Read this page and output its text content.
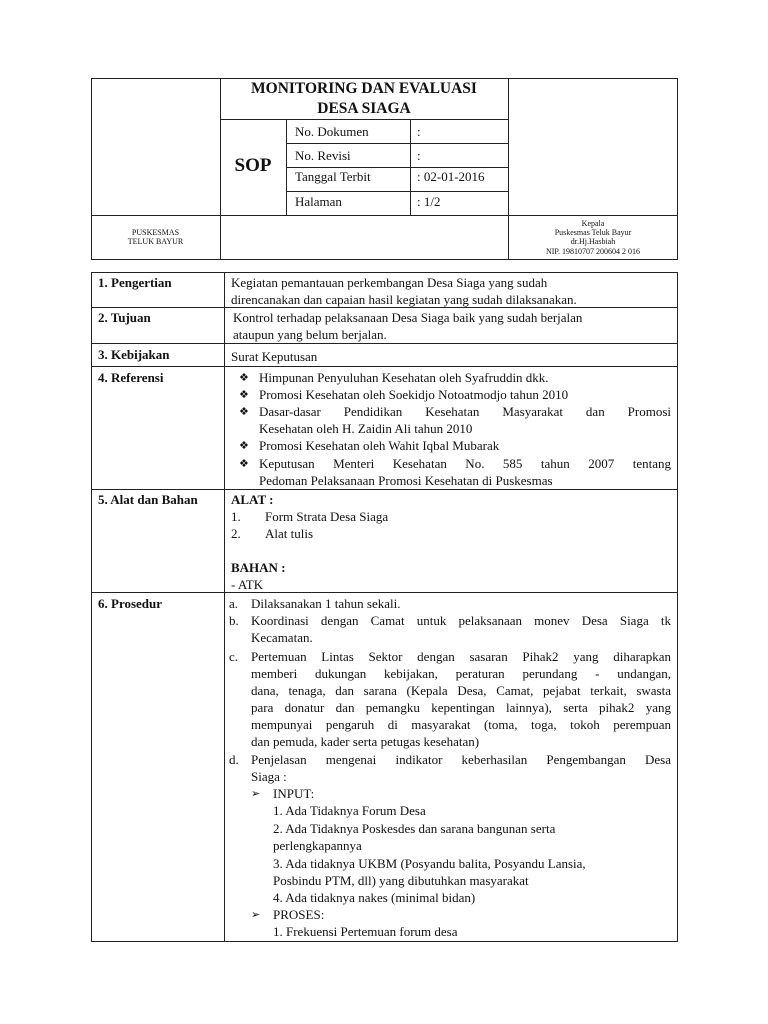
MONITORING DAN EVALUASI
DESA SIAGA
SOP
No. Dokumen	:
No. Revisi	:
Tanggal Terbit	: 02-01-2016
Halaman	: 1/2
PUSKESMAS
TELUK BAYUR
Kepala
Puskesmas Teluk Bayur
dr.Hj.Hasbiah
NIP. 19810707 200604 2 016
1. Pengertian	Kegiatan pemantauan perkembangan Desa Siaga yang sudah
direncanakan dan capaian hasil kegiatan yang sudah dilaksanakan.
2. Tujuan	Kontrol terhadap pelaksanaan Desa Siaga baik yang sudah berjalan
ataupun yang belum berjalan.
3. Kebijakan	Surat Keputusan
4. Referensi	❖ Himpunan Penyuluhan Kesehatan oleh Syafruddin dkk.
❖ Promosi Kesehatan oleh Soekidjo Notoatmodjo tahun 2010
❖ Dasar-dasar Pendidikan Kesehatan Masyarakat dan Promosi
Kesehatan oleh H. Zaidin Ali tahun 2010
❖ Promosi Kesehatan oleh Wahit Iqbal Mubarak
❖ Keputusan Menteri Kesehatan No. 585 tahun 2007 tentang
Pedoman Pelaksanaan Promosi Kesehatan di Puskesmas
5. Alat dan Bahan	ALAT :
1. Form Strata Desa Siaga
2. Alat tulis
BAHAN :
- ATK
6. Prosedur	a. Dilaksanakan 1 tahun sekali.
b. Koordinasi dengan Camat untuk pelaksanaan monev Desa Siaga tk
Kecamatan.
c. Pertemuan Lintas Sektor dengan sasaran Pihak2 yang diharapkan
memberi dukungan kebijakan, peraturan perundang - undangan,
dana, tenaga, dan sarana (Kepala Desa, Camat, pejabat terkait, swasta
para donatur dan pemangku kepentingan lainnya), serta pihak2 yang
mempunyai pengaruh di masyarakat (toma, toga, tokoh perempuan
dan pemuda, kader serta petugas kesehatan)
d. Penjelasan mengenai indikator keberhasilan Pengembangan Desa
Siaga :
➢ INPUT:
1. Ada Tidaknya Forum Desa
2. Ada Tidaknya Poskesdes dan sarana bangunan serta
perlengkapannya
3. Ada tidaknya UKBM (Posyandu balita, Posyandu Lansia,
Posbindu PTM, dll) yang dibutuhkan masyarakat
4. Ada tidaknya nakes (minimal bidan)
➢ PROSES:
1. Frekuensi Pertemuan forum desa
